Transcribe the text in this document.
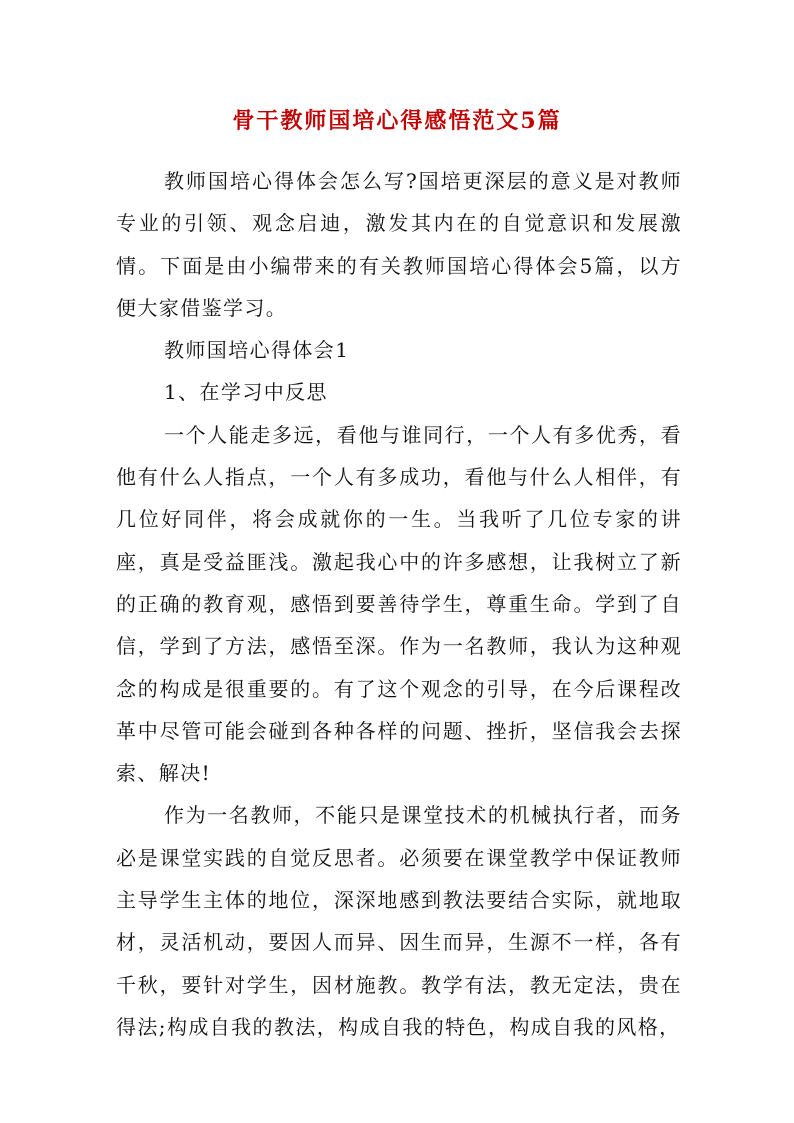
骨干教师国培心得感悟范文5篇

教师国培心得体会怎么写?国培更深层的意义是对教师专业的引领、观念启迪，激发其内在的自觉意识和发展激情。下面是由小编带来的有关教师国培心得体会5篇，以方便大家借鉴学习。

教师国培心得体会1

1、在学习中反思

一个人能走多远，看他与谁同行，一个人有多优秀，看他有什么人指点，一个人有多成功，看他与什么人相伴，有几位好同伴，将会成就你的一生。当我听了几位专家的讲座，真是受益匪浅。激起我心中的许多感想，让我树立了新的正确的教育观，感悟到要善待学生，尊重生命。学到了自信，学到了方法，感悟至深。作为一名教师，我认为这种观念的构成是很重要的。有了这个观念的引导，在今后课程改革中尽管可能会碰到各种各样的问题、挫折，坚信我会去探索、解决!

作为一名教师，不能只是课堂技术的机械执行者，而务必是课堂实践的自觉反思者。必须要在课堂教学中保证教师主导学生主体的地位，深深地感到教法要结合实际，就地取材，灵活机动，要因人而异、因生而异，生源不一样，各有千秋，要针对学生，因材施教。教学有法，教无定法，贵在得法;构成自我的教法，构成自我的特色，构成自我的风格，
